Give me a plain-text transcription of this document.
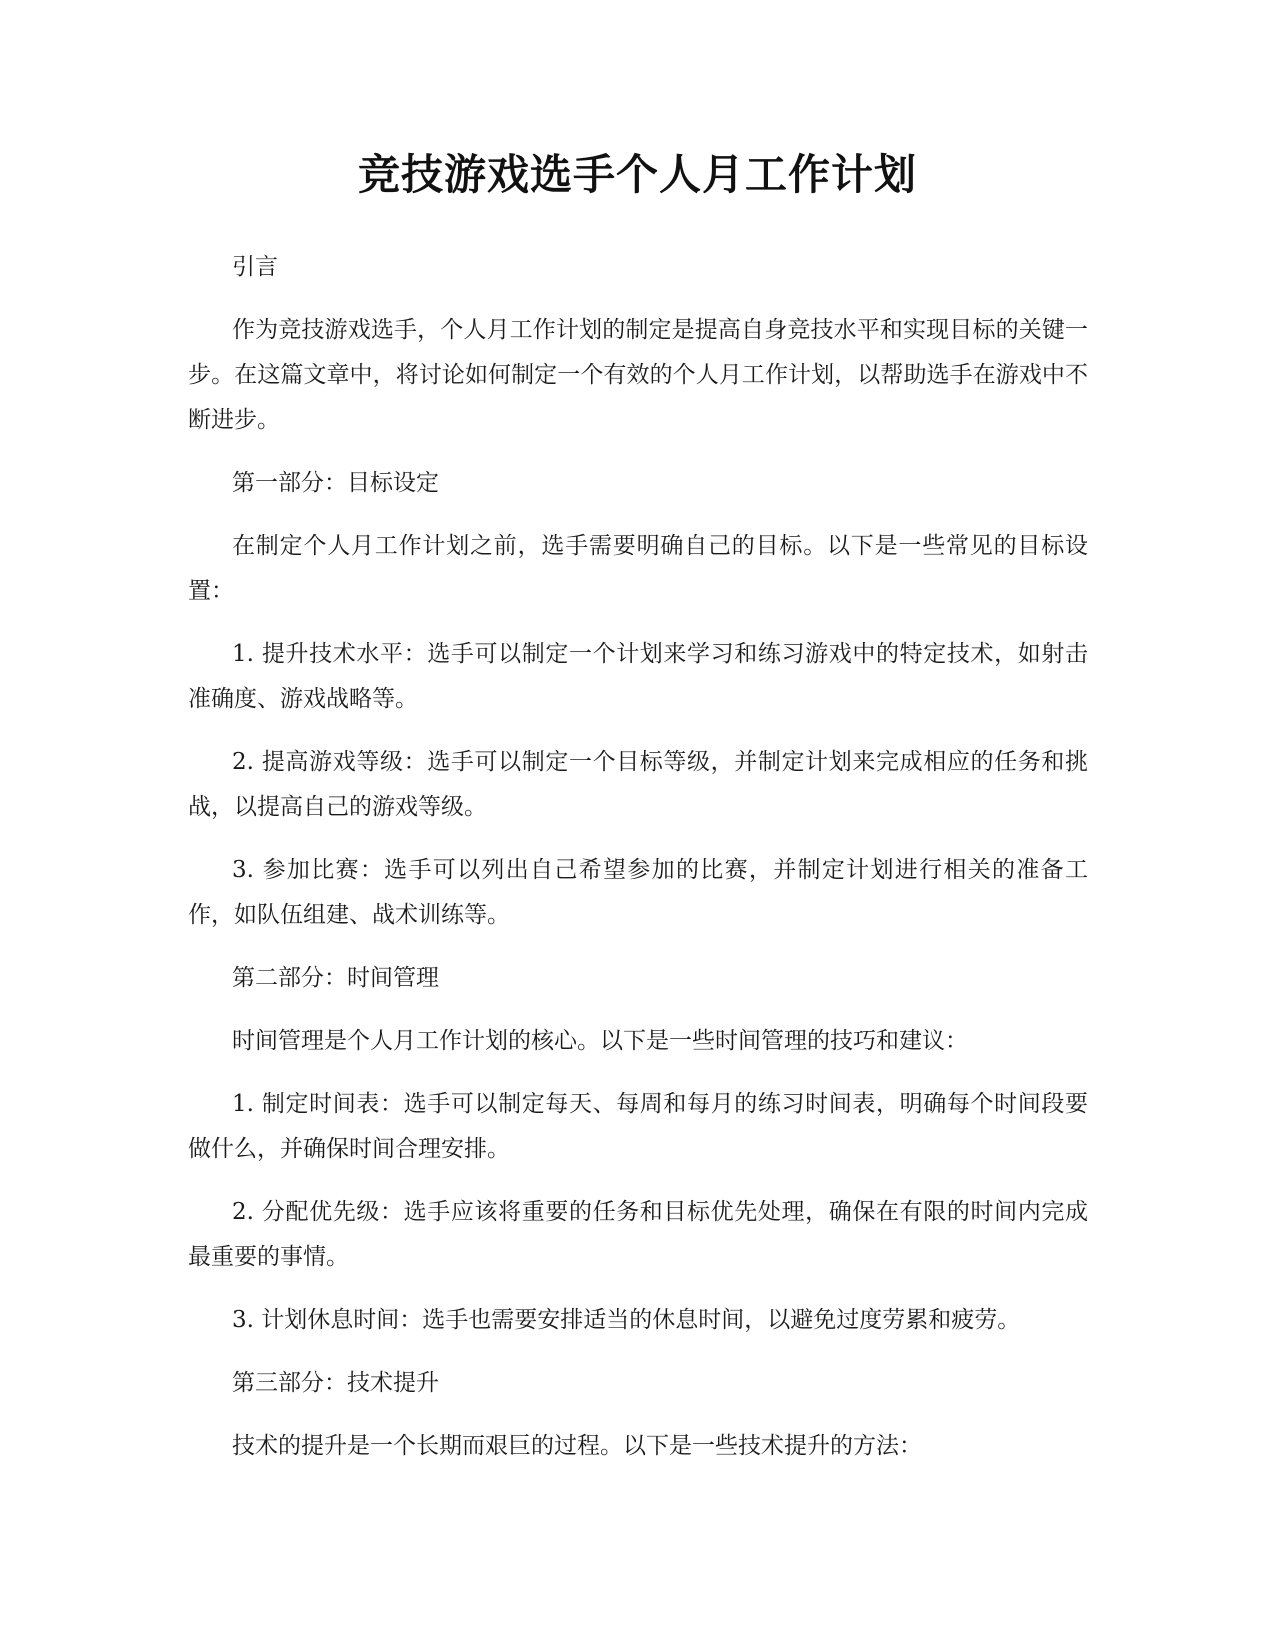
竞技游戏选手个人月工作计划

引言

作为竞技游戏选手，个人月工作计划的制定是提高自身竞技水平和实现目标的关键一步。在这篇文章中，将讨论如何制定一个有效的个人月工作计划，以帮助选手在游戏中不断进步。

第一部分：目标设定

在制定个人月工作计划之前，选手需要明确自己的目标。以下是一些常见的目标设置：

1. 提升技术水平：选手可以制定一个计划来学习和练习游戏中的特定技术，如射击准确度、游戏战略等。

2. 提高游戏等级：选手可以制定一个目标等级，并制定计划来完成相应的任务和挑战，以提高自己的游戏等级。

3. 参加比赛：选手可以列出自己希望参加的比赛，并制定计划进行相关的准备工作，如队伍组建、战术训练等。

第二部分：时间管理

时间管理是个人月工作计划的核心。以下是一些时间管理的技巧和建议：

1. 制定时间表：选手可以制定每天、每周和每月的练习时间表，明确每个时间段要做什么，并确保时间合理安排。

2. 分配优先级：选手应该将重要的任务和目标优先处理，确保在有限的时间内完成最重要的事情。

3. 计划休息时间：选手也需要安排适当的休息时间，以避免过度劳累和疲劳。

第三部分：技术提升

技术的提升是一个长期而艰巨的过程。以下是一些技术提升的方法：
